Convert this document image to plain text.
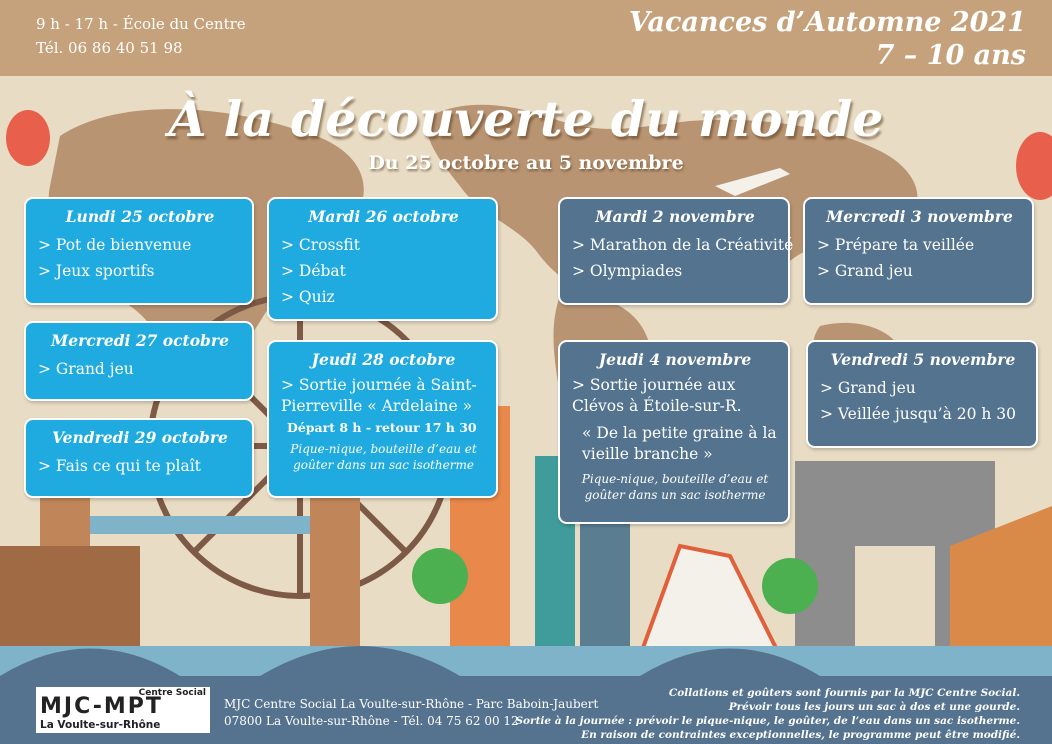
9 h - 17 h - École du Centre
Tél. 06 86 40 51 98
Vacances d’Automne 2021
7 – 10 ans
À la découverte du monde
Du 25 octobre au 5 novembre
Lundi 25 octobre
> Pot de bienvenue
> Jeux sportifs
Mardi 26 octobre
> Crossfit
> Débat
> Quiz
Mercredi 27 octobre
> Grand jeu	Jeudi 28 octobre
> Sortie journée à Saint-Pierreville « Ardelaine »
Départ 8 h - retour 17 h 30
Pique-nique, bouteille d’eau et goûter dans un sac isotherme
Vendredi 29 octobre
> Fais ce qui te plaît
Mardi 2 novembre
> Marathon de la Créativité
> Olympiades
Mercredi 3 novembre
> Prépare ta veillée
> Grand jeu
Jeudi 4 novembre
> Sortie journée aux Clévos à Étoile-sur-R.
« De la petite graine à la vieille branche »
Pique-nique, bouteille d’eau et goûter dans un sac isotherme
Vendredi 5 novembre
> Grand jeu
> Veillée jusqu’à 20 h 30
Centre Social
MJC-MPT
La Voulte-sur-Rhône
MJC Centre Social La Voulte-sur-Rhône - Parc Baboin-Jaubert
07800 La Voulte-sur-Rhône - Tél. 04 75 62 00 12
Collations et goûters sont fournis par la MJC Centre Social.
Prévoir tous les jours un sac à dos et une gourde.
Sortie à la journée : prévoir le pique-nique, le goûter, de l’eau dans un sac isotherme.
En raison de contraintes exceptionnelles, le programme peut être modifié.
